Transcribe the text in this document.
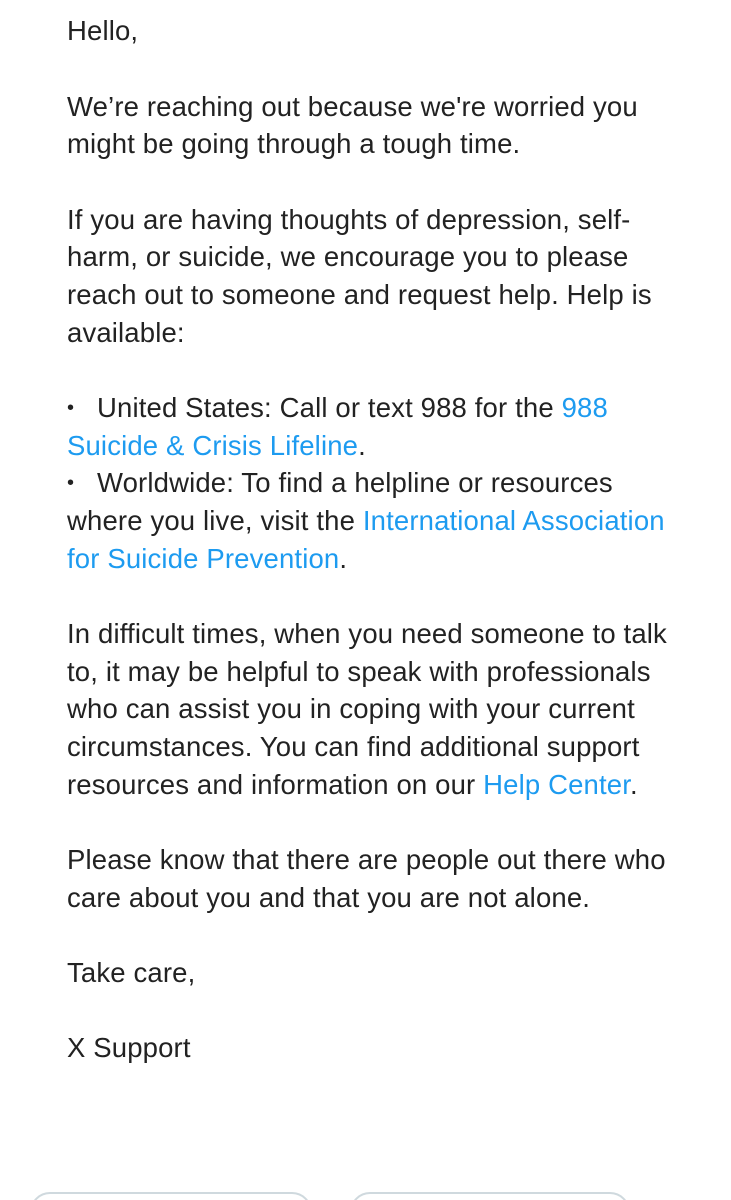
Hello,

We’re reaching out because we're worried you might be going through a tough time.

If you are having thoughts of depression, self-harm, or suicide, we encourage you to please reach out to someone and request help. Help is available:

• United States: Call or text 988 for the 988 Suicide & Crisis Lifeline.
• Worldwide: To find a helpline or resources where you live, visit the International Association for Suicide Prevention.

In difficult times, when you need someone to talk to, it may be helpful to speak with professionals who can assist you in coping with your current circumstances. You can find additional support resources and information on our Help Center.

Please know that there are people out there who care about you and that you are not alone.

Take care,

X Support
